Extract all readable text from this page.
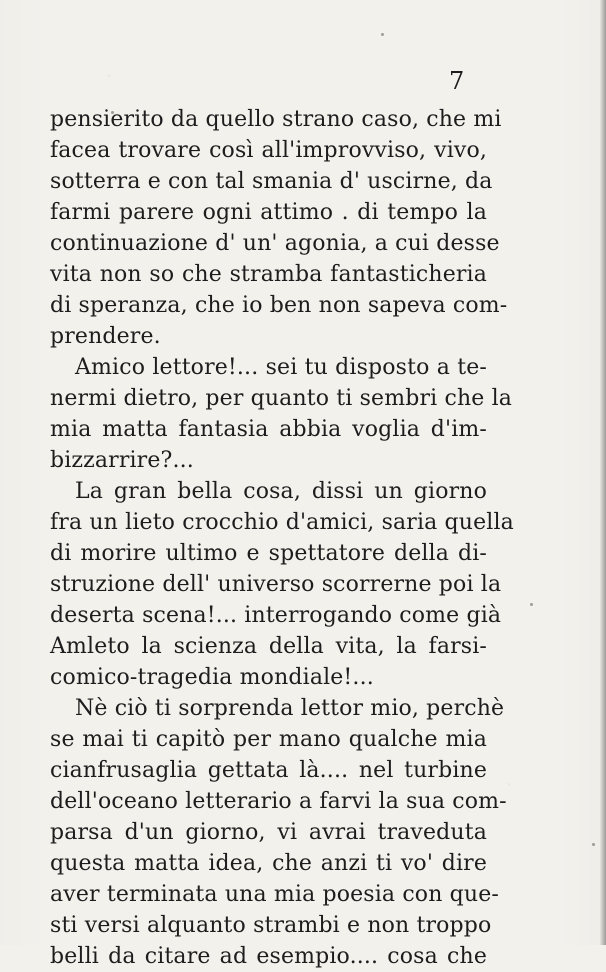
7
pensierito da quello strano caso, che mi
facea trovare così all'improvviso, vivo,
sotterra e con tal smania d' uscirne, da
farmi parere ogni attimo . di tempo la
continuazione d' un' agonia, a cui desse
vita non so che stramba fantasticheria
di speranza, che io ben non sapeva com-
prendere.
Amico lettore!... sei tu disposto a te-
nermi dietro, per quanto ti sembri che la
mia matta fantasia abbia voglia d'im-
bizzarrire?...
La gran bella cosa, dissi un giorno
fra un lieto crocchio d'amici, saria quella
di morire ultimo e spettatore della di-
struzione dell' universo scorrerne poi la
deserta scena!... interrogando come già
Amleto la scienza della vita, la farsi-
comico-tragedia mondiale!...
Nè ciò ti sorprenda lettor mio, perchè
se mai ti capitò per mano qualche mia
cianfrusaglia gettata là.... nel turbine
dell'oceano letterario a farvi la sua com-
parsa d'un giorno, vi avrai traveduta
questa matta idea, che anzi ti vo' dire
aver terminata una mia poesia con que-
sti versi alquanto strambi e non troppo
belli da citare ad esempio.... cosa che
